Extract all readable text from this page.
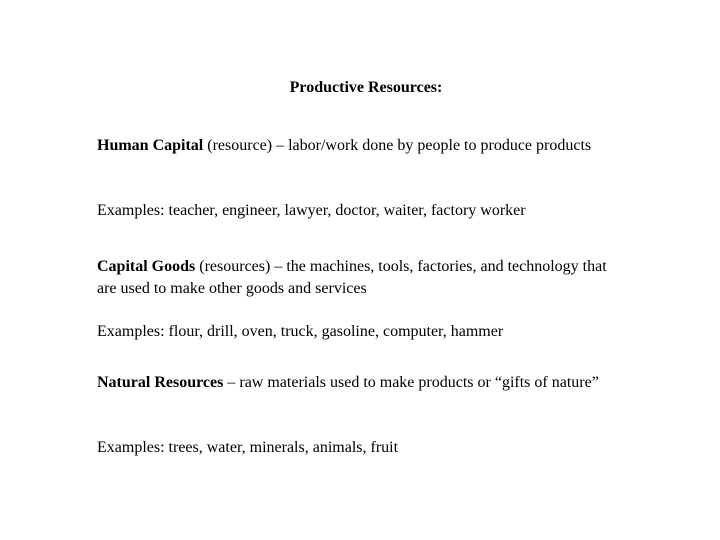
Productive Resources:

Human Capital (resource) – labor/work done by people to produce products

Examples: teacher, engineer, lawyer, doctor, waiter, factory worker

Capital Goods (resources) – the machines, tools, factories, and technology that are used to make other goods and services

Examples: flour, drill, oven, truck, gasoline, computer, hammer

Natural Resources – raw materials used to make products or “gifts of nature”

Examples: trees, water, minerals, animals, fruit
